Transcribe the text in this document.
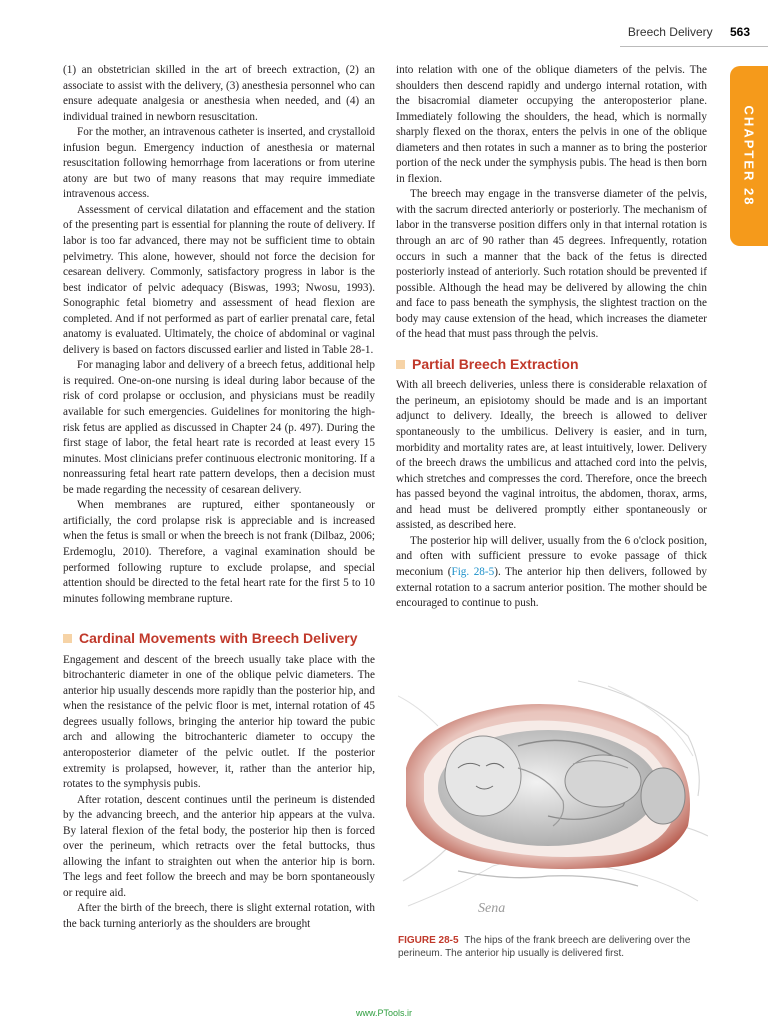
Breech Delivery 563
CHAPTER 28

(1) an obstetrician skilled in the art of breech extraction, (2) an associate to assist with the delivery, (3) anesthesia personnel who can ensure adequate analgesia or anesthesia when needed, and (4) an individual trained in newborn resuscitation.

For the mother, an intravenous catheter is inserted, and crystalloid infusion begun. Emergency induction of anesthesia or maternal resuscitation following hemorrhage from lacerations or from uterine atony are but two of many reasons that may require immediate intravenous access.

Assessment of cervical dilatation and effacement and the station of the presenting part is essential for planning the route of delivery. If labor is too far advanced, there may not be sufficient time to obtain pelvimetry. This alone, however, should not force the decision for cesarean delivery. Commonly, satisfactory progress in labor is the best indicator of pelvic adequacy (Biswas, 1993; Nwosu, 1993). Sonographic fetal biometry and assessment of head flexion are completed. And if not performed as part of earlier prenatal care, fetal anatomy is evaluated. Ultimately, the choice of abdominal or vaginal delivery is based on factors discussed earlier and listed in Table 28-1.

For managing labor and delivery of a breech fetus, additional help is required. One-on-one nursing is ideal during labor because of the risk of cord prolapse or occlusion, and physicians must be readily available for such emergencies. Guidelines for monitoring the high-risk fetus are applied as discussed in Chapter 24 (p. 497). During the first stage of labor, the fetal heart rate is recorded at least every 15 minutes. Most clinicians prefer continuous electronic monitoring. If a nonreassuring fetal heart rate pattern develops, then a decision must be made regarding the necessity of cesarean delivery.

When membranes are ruptured, either spontaneously or artificially, the cord prolapse risk is appreciable and is increased when the fetus is small or when the breech is not frank (Dilbaz, 2006; Erdemoglu, 2010). Therefore, a vaginal examination should be performed following rupture to exclude prolapse, and special attention should be directed to the fetal heart rate for the first 5 to 10 minutes following membrane rupture.

Cardinal Movements with Breech Delivery

Engagement and descent of the breech usually take place with the bitrochanteric diameter in one of the oblique pelvic diameters. The anterior hip usually descends more rapidly than the posterior hip, and when the resistance of the pelvic floor is met, internal rotation of 45 degrees usually follows, bringing the anterior hip toward the pubic arch and allowing the bitrochanteric diameter to occupy the anteroposterior diameter of the pelvic outlet. If the posterior extremity is prolapsed, however, it, rather than the anterior hip, rotates to the symphysis pubis.

After rotation, descent continues until the perineum is distended by the advancing breech, and the anterior hip appears at the vulva. By lateral flexion of the fetal body, the posterior hip then is forced over the perineum, which retracts over the fetal buttocks, thus allowing the infant to straighten out when the anterior hip is born. The legs and feet follow the breech and may be born spontaneously or require aid.

After the birth of the breech, there is slight external rotation, with the back turning anteriorly as the shoulders are brought

into relation with one of the oblique diameters of the pelvis. The shoulders then descend rapidly and undergo internal rotation, with the bisacromial diameter occupying the anteroposterior plane. Immediately following the shoulders, the head, which is normally sharply flexed on the thorax, enters the pelvis in one of the oblique diameters and then rotates in such a manner as to bring the posterior portion of the neck under the symphysis pubis. The head is then born in flexion.

The breech may engage in the transverse diameter of the pelvis, with the sacrum directed anteriorly or posteriorly. The mechanism of labor in the transverse position differs only in that internal rotation is through an arc of 90 rather than 45 degrees. Infrequently, rotation occurs in such a manner that the back of the fetus is directed posteriorly instead of anteriorly. Such rotation should be prevented if possible. Although the head may be delivered by allowing the chin and face to pass beneath the symphysis, the slightest traction on the body may cause extension of the head, which increases the diameter of the head that must pass through the pelvis.

Partial Breech Extraction

With all breech deliveries, unless there is considerable relaxation of the perineum, an episiotomy should be made and is an important adjunct to delivery. Ideally, the breech is allowed to deliver spontaneously to the umbilicus. Delivery is easier, and in turn, morbidity and mortality rates are, at least intuitively, lower. Delivery of the breech draws the umbilicus and attached cord into the pelvis, which stretches and compresses the cord. Therefore, once the breech has passed beyond the vaginal introitus, the abdomen, thorax, arms, and head must be delivered promptly either spontaneously or assisted, as described here.

The posterior hip will deliver, usually from the 6 o'clock position, and often with sufficient pressure to evoke passage of thick meconium (Fig. 28-5). The anterior hip then delivers, followed by external rotation to a sacrum anterior position. The mother should be encouraged to continue to push.

Sena
FIGURE 28-5 The hips of the frank breech are delivering over the perineum. The anterior hip usually is delivered first.
www.PTools.ir
